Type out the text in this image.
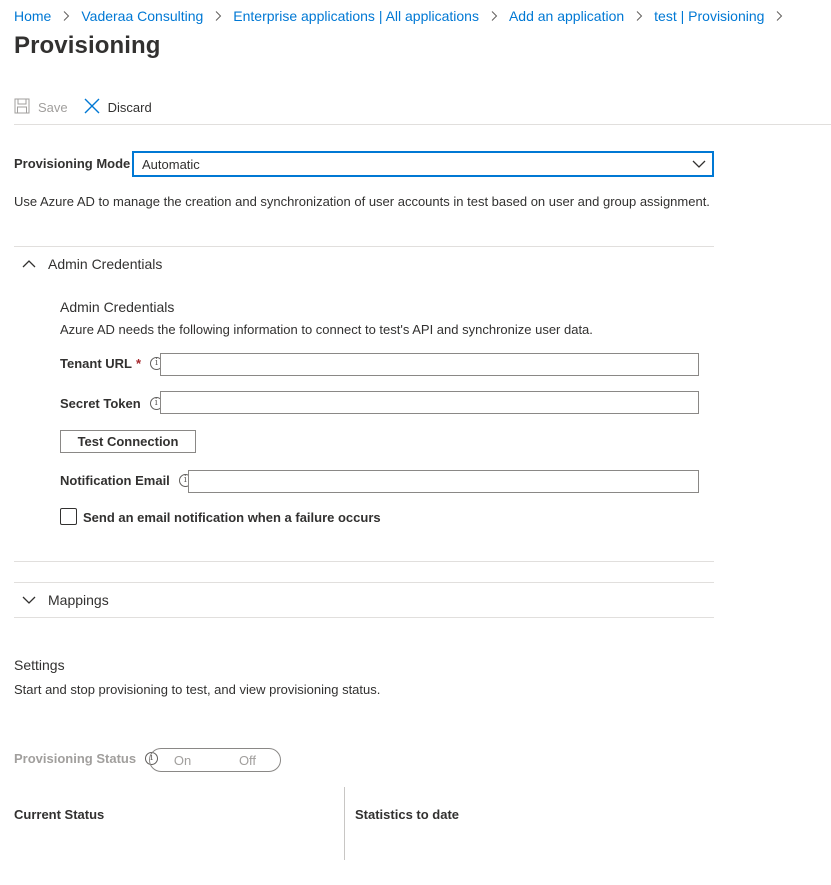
Home Vaderaa Consulting Enterprise applications | All applications Add an application test | Provisioning
Provisioning
Save	Discard
Provisioning Mode Automatic
Use Azure AD to manage the creation and synchronization of user accounts in test based on user and group assignment.
Admin Credentials
Admin Credentials
Azure AD needs the following information to connect to test's API and synchronize user data.
Tenant URL *	i
Secret Token	i
Test Connection
Notification Email	i
Send an email notification when a failure occurs
Mappings
Settings
Start and stop provisioning to test, and view provisioning status.
Provisioning Status	i	On	Off
Current Status	Statistics to date
